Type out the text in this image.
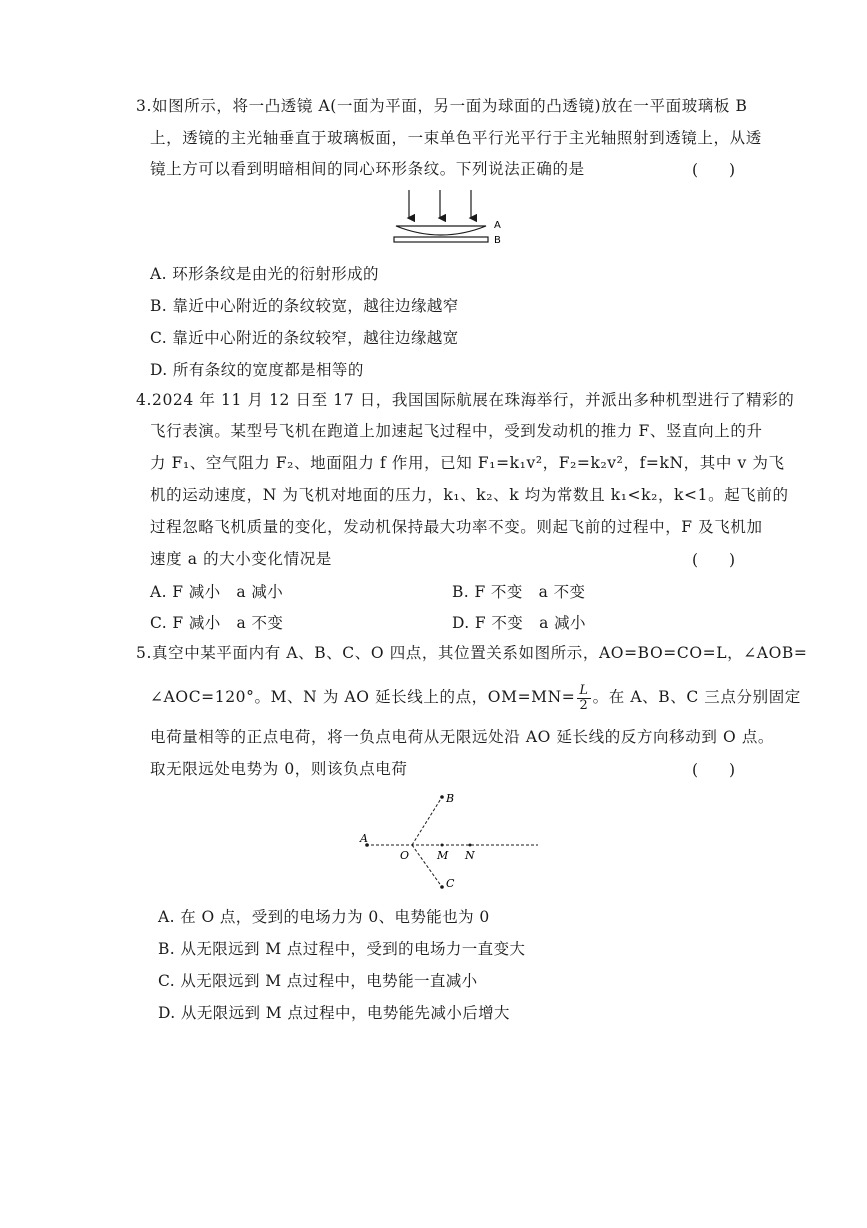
3.如图所示，将一凸透镜 A(一面为平面，另一面为球面的凸透镜)放在一平面玻璃板 B
上，透镜的主光轴垂直于玻璃板面，一束单色平行光平行于主光轴照射到透镜上，从透
镜上方可以看到明暗相间的同心环形条纹。下列说法正确的是	(　　)
A
B
A. 环形条纹是由光的衍射形成的
B. 靠近中心附近的条纹较宽，越往边缘越窄
C. 靠近中心附近的条纹较窄，越往边缘越宽
D. 所有条纹的宽度都是相等的
4.2024 年 11 月 12 日至 17 日，我国国际航展在珠海举行，并派出多种机型进行了精彩的
飞行表演。某型号飞机在跑道上加速起飞过程中，受到发动机的推力 F、竖直向上的升
力 F₁、空气阻力 F₂、地面阻力 f 作用，已知 F₁=k₁v²，F₂=k₂v²，f=kN，其中 v 为飞
机的运动速度，N 为飞机对地面的压力，k₁、k₂、k 均为常数且 k₁<k₂，k<1。起飞前的
过程忽略飞机质量的变化，发动机保持最大功率不变。则起飞前的过程中，F 及飞机加
速度 a 的大小变化情况是	(　　)
A. F 减小　a 减小	B. F 不变　a 不变
C. F 减小　a 不变	D. F 不变　a 减小
5.真空中某平面内有 A、B、C、O 四点，其位置关系如图所示，AO=BO=CO=L，∠AOB=
∠AOC=120°。M、N 为 AO 延长线上的点，$OM=MN= \frac{L}{2}$ 。在 A、B、C 三点分别固定
电荷量相等的正点电荷，将一负点电荷从无限远处沿 AO 延长线的反方向移动到 O 点。
取无限远处电势为 0，则该负点电荷	(　　)
A
B
C
O	M N
A. 在 O 点，受到的电场力为 0、电势能也为 0
B. 从无限远到 M 点过程中，受到的电场力一直变大
C. 从无限远到 M 点过程中，电势能一直减小
D. 从无限远到 M 点过程中，电势能先减小后增大
